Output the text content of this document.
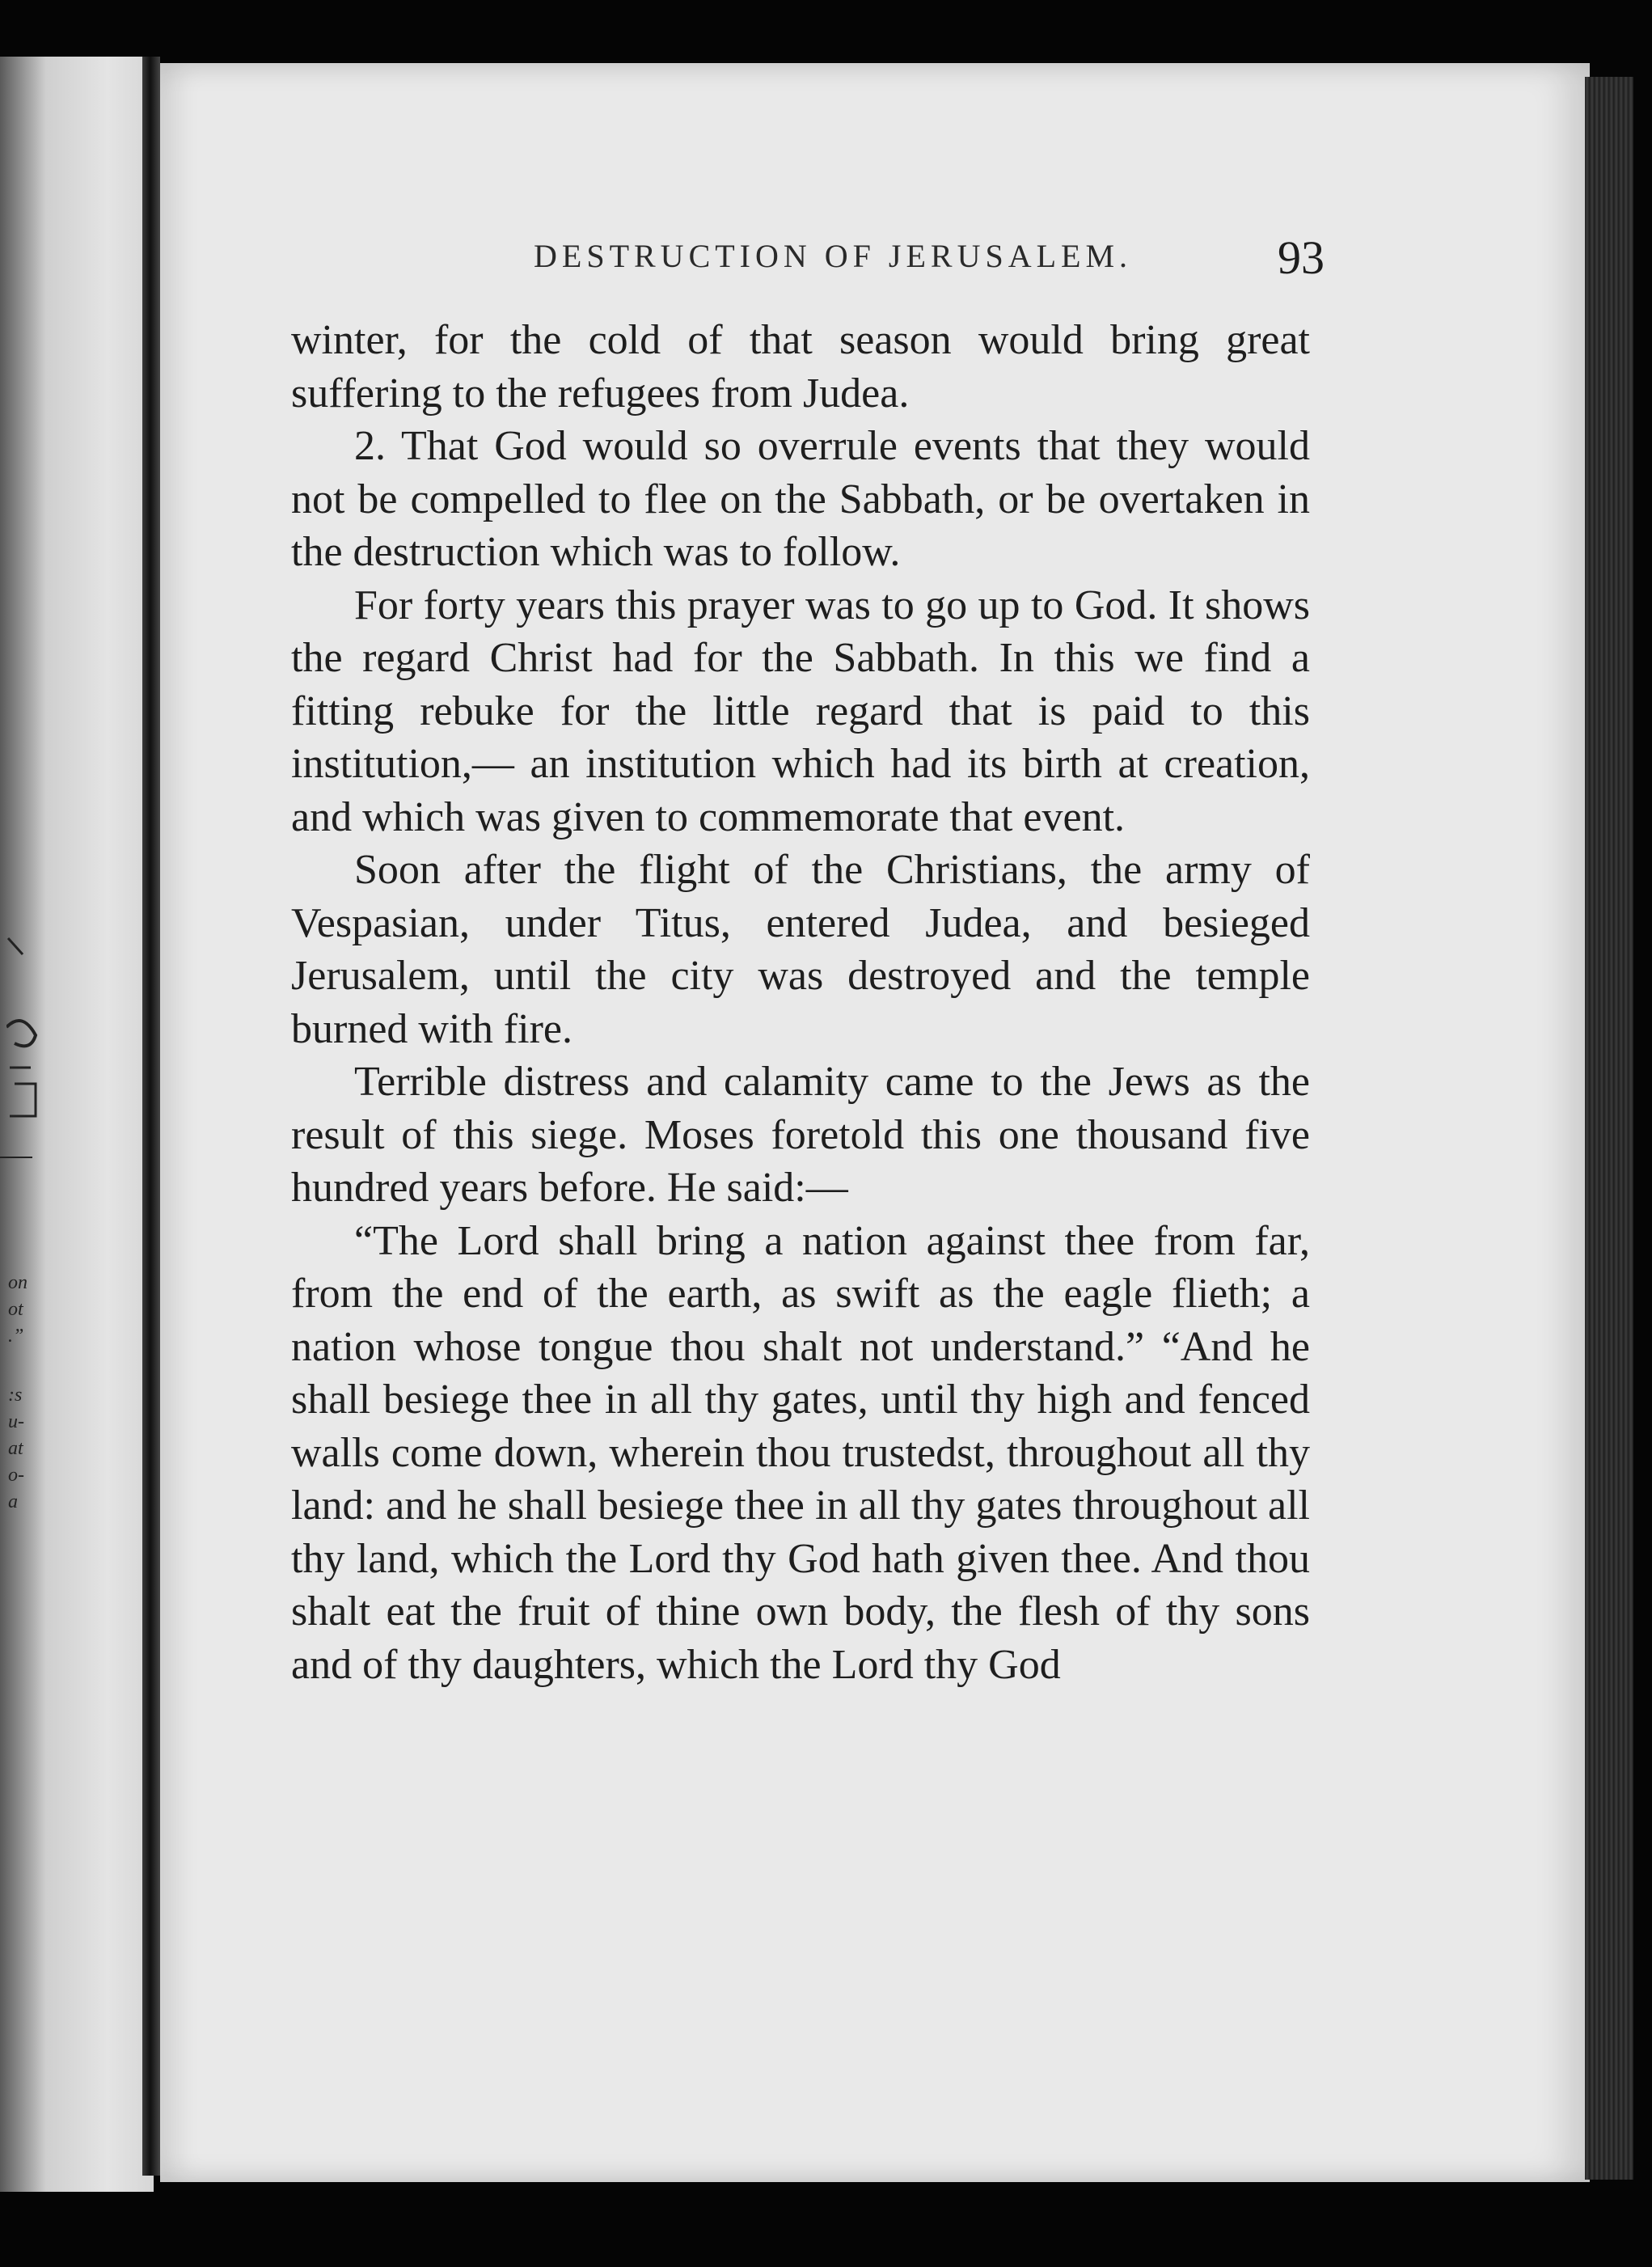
on
ot
.”
:s
u-
at
o-
a
DESTRUCTION OF JERUSALEM.	93

winter, for the cold of that season would bring great suffering to the refugees from Judea.

2. That God would so overrule events that they would not be compelled to flee on the Sabbath, or be overtaken in the destruction which was to follow.

For forty years this prayer was to go up to God. It shows the regard Christ had for the Sabbath. In this we find a fitting rebuke for the little regard that is paid to this institution,— an institution which had its birth at creation, and which was given to commemorate that event.

Soon after the flight of the Christians, the army of Vespasian, under Titus, entered Judea, and besieged Jerusalem, until the city was destroyed and the temple burned with fire.

Terrible distress and calamity came to the Jews as the result of this siege. Moses foretold this one thousand five hundred years before. He said:—

“The Lord shall bring a nation against thee from far, from the end of the earth, as swift as the eagle flieth; a nation whose tongue thou shalt not understand.” “And he shall besiege thee in all thy gates, until thy high and fenced walls come down, wherein thou trustedst, throughout all thy land: and he shall besiege thee in all thy gates throughout all thy land, which the Lord thy God hath given thee. And thou shalt eat the fruit of thine own body, the flesh of thy sons and of thy daughters, which the Lord thy God
